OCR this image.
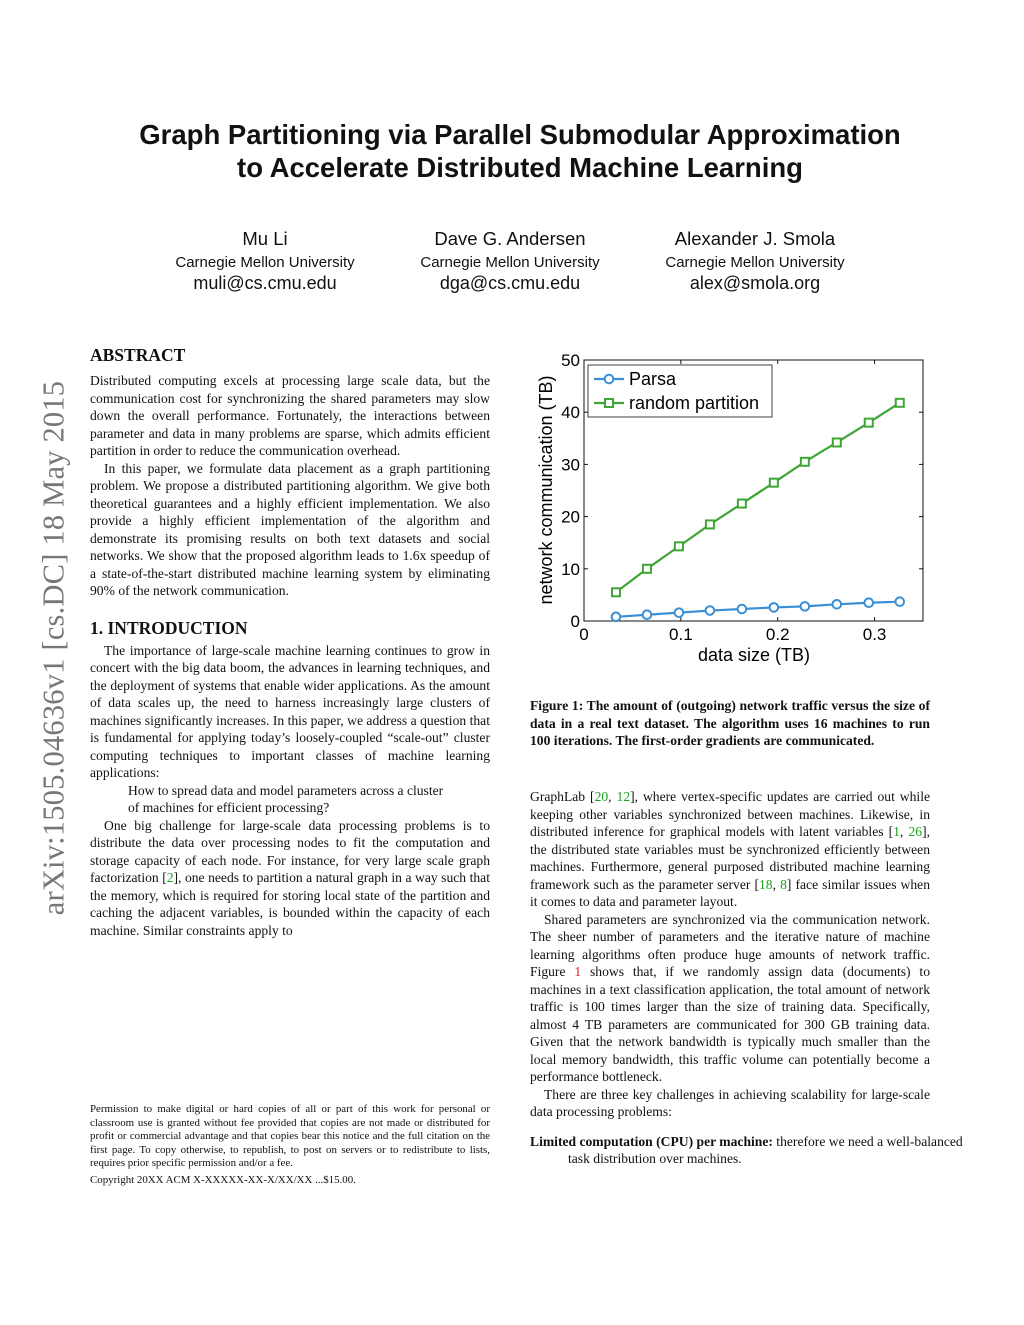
Graph Partitioning via Parallel Submodular Approximation
to Accelerate Distributed Machine Learning
Mu Li
Carnegie Mellon University
muli@cs.cmu.edu
Dave G. Andersen
Carnegie Mellon University
dga@cs.cmu.edu
Alexander J. Smola
Carnegie Mellon University
alex@smola.org
arXiv:1505.04636v1 [cs.DC] 18 May 2015
ABSTRACT

Distributed computing excels at processing large scale data, but the communication cost for synchronizing the shared parameters may slow down the overall performance. Fortunately, the interactions between parameter and data in many problems are sparse, which admits efficient partition in order to reduce the communication overhead.

In this paper, we formulate data placement as a graph partitioning problem. We propose a distributed partitioning algorithm. We give both theoretical guarantees and a highly efficient implementation. We also provide a highly efficient implementation of the algorithm and demonstrate its promising results on both text datasets and social networks. We show that the proposed algorithm leads to 1.6x speedup of a state-of-the-start distributed machine learning system by eliminating 90% of the network communication.

1. INTRODUCTION

The importance of large-scale machine learning continues to grow in concert with the big data boom, the advances in learning techniques, and the deployment of systems that enable wider applications. As the amount of data scales up, the need to harness increasingly large clusters of machines significantly increases. In this paper, we address a question that is fundamental for applying today’s loosely-coupled “scale-out” cluster computing techniques to important classes of machine learning applications:

How to spread data and model parameters across a cluster of machines for efficient processing?

One big challenge for large-scale data processing problems is to distribute the data over processing nodes to fit the computation and storage capacity of each node. For instance, for very large scale graph factorization [2], one needs to partition a natural graph in a way such that the memory, which is required for storing local state of the partition and caching the adjacent variables, is bounded within the capacity of each machine. Similar constraints apply to

Permission to make digital or hard copies of all or part of this work for personal or classroom use is granted without fee provided that copies are not made or distributed for profit or commercial advantage and that copies bear this notice and the full citation on the first page. To copy otherwise, to republish, to post on servers or to redistribute to lists, requires prior specific permission and/or a fee.
Copyright 20XX ACM X-XXXXX-XX-X/XX/XX ...$15.00.
0	0.1	0.2	0.3
0
10
20
30
40
50
Parsa
random partition
data size (TB)
network communication (TB)
Figure 1: The amount of (outgoing) network traffic versus the size of data in a real text dataset. The algorithm uses 16 machines to run 100 iterations. The first-order gradients are communicated.

GraphLab [20, 12], where vertex-specific updates are carried out while keeping other variables synchronized between machines. Likewise, in distributed inference for graphical models with latent variables [1, 26], the distributed state variables must be synchronized efficiently between machines. Furthermore, general purposed distributed machine learning framework such as the parameter server [18, 8] face similar issues when it comes to data and parameter layout.

Shared parameters are synchronized via the communication network. The sheer number of parameters and the iterative nature of machine learning algorithms often produce huge amounts of network traffic. Figure 1 shows that, if we randomly assign data (documents) to machines in a text classification application, the total amount of network traffic is 100 times larger than the size of training data. Specifically, almost 4 TB parameters are communicated for 300 GB training data. Given that the network bandwidth is typically much smaller than the local memory bandwidth, this traffic volume can potentially become a performance bottleneck.

There are three key challenges in achieving scalability for large-scale data processing problems:

Limited computation (CPU) per machine: therefore we need a well-balanced task distribution over machines.
